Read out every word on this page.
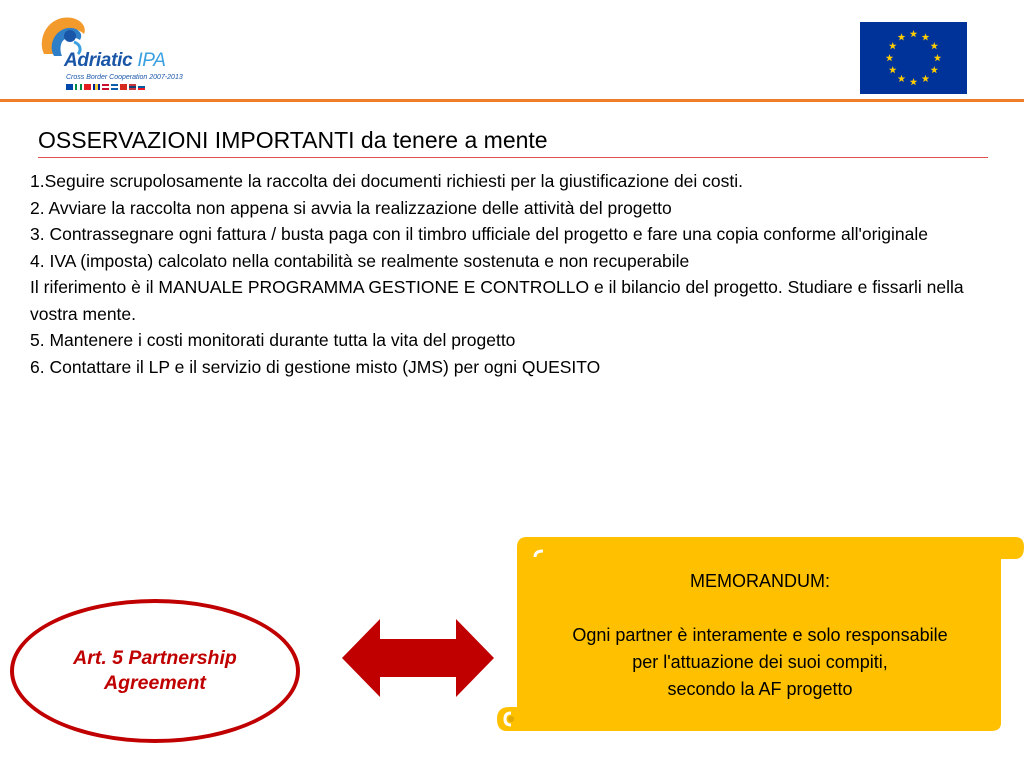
Adriatic IPA
Cross Border Cooperation 2007-2013
OSSERVAZIONI IMPORTANTI da tenere a mente
1.Seguire scrupolosamente la raccolta dei documenti richiesti per la giustificazione dei costi.
2. Avviare la raccolta non appena si avvia la realizzazione delle attività del progetto
3. Contrassegnare ogni fattura / busta paga con il timbro ufficiale del progetto e fare una copia conforme all'originale
4. IVA (imposta) calcolato nella contabilità se realmente sostenuta e non recuperabile
Il riferimento è il MANUALE PROGRAMMA GESTIONE E CONTROLLO e il bilancio del progetto. Studiare e fissarli nella vostra mente.
5. Mantenere i costi monitorati durante tutta la vita del progetto
6. Contattare il LP e il servizio di gestione misto (JMS) per ogni QUESITO
Art. 5 Partnership
Agreement
MEMORANDUM:
Ogni partner è interamente e solo responsabile
per l'attuazione dei suoi compiti,
secondo la AF progetto
